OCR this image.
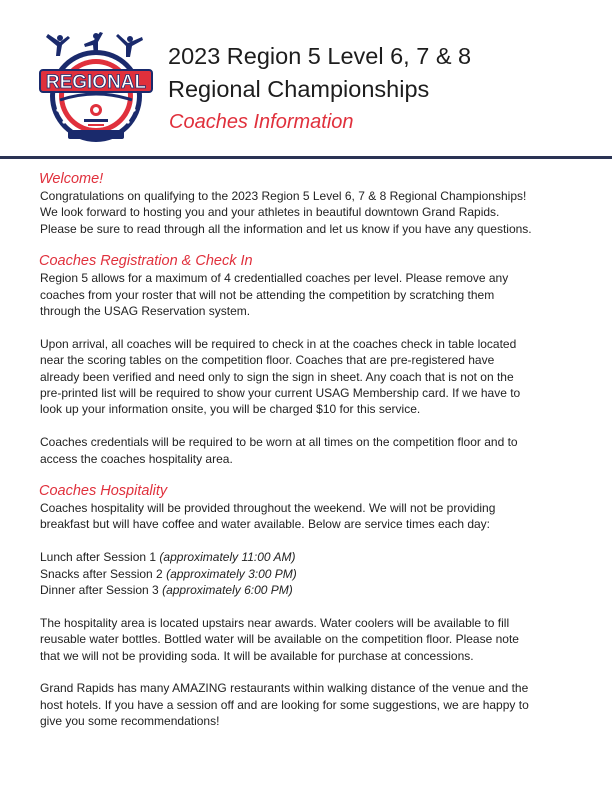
REGIONAL
2023 Region 5 Level 6, 7 & 8
Regional Championships
Coaches Information
Welcome!

Congratulations on qualifying to the 2023 Region 5 Level 6, 7 & 8 Regional Championships!

We look forward to hosting you and your athletes in beautiful downtown Grand Rapids.

Please be sure to read through all the information and let us know if you have any questions.

Coaches Registration & Check In

Region 5 allows for a maximum of 4 credentialled coaches per level. Please remove any

coaches from your roster that will not be attending the competition by scratching them

through the USAG Reservation system.

Upon arrival, all coaches will be required to check in at the coaches check in table located

near the scoring tables on the competition floor. Coaches that are pre-registered have

already been verified and need only to sign the sign in sheet. Any coach that is not on the

pre-printed list will be required to show your current USAG Membership card. If we have to

look up your information onsite, you will be charged $10 for this service.

Coaches credentials will be required to be worn at all times on the competition floor and to

access the coaches hospitality area.

Coaches Hospitality

Coaches hospitality will be provided throughout the weekend. We will not be providing

breakfast but will have coffee and water available. Below are service times each day:

Lunch after Session 1 (approximately 11:00 AM)

Snacks after Session 2 (approximately 3:00 PM)

Dinner after Session 3 (approximately 6:00 PM)

The hospitality area is located upstairs near awards. Water coolers will be available to fill

reusable water bottles. Bottled water will be available on the competition floor. Please note

that we will not be providing soda. It will be available for purchase at concessions.

Grand Rapids has many AMAZING restaurants within walking distance of the venue and the

host hotels. If you have a session off and are looking for some suggestions, we are happy to

give you some recommendations!
